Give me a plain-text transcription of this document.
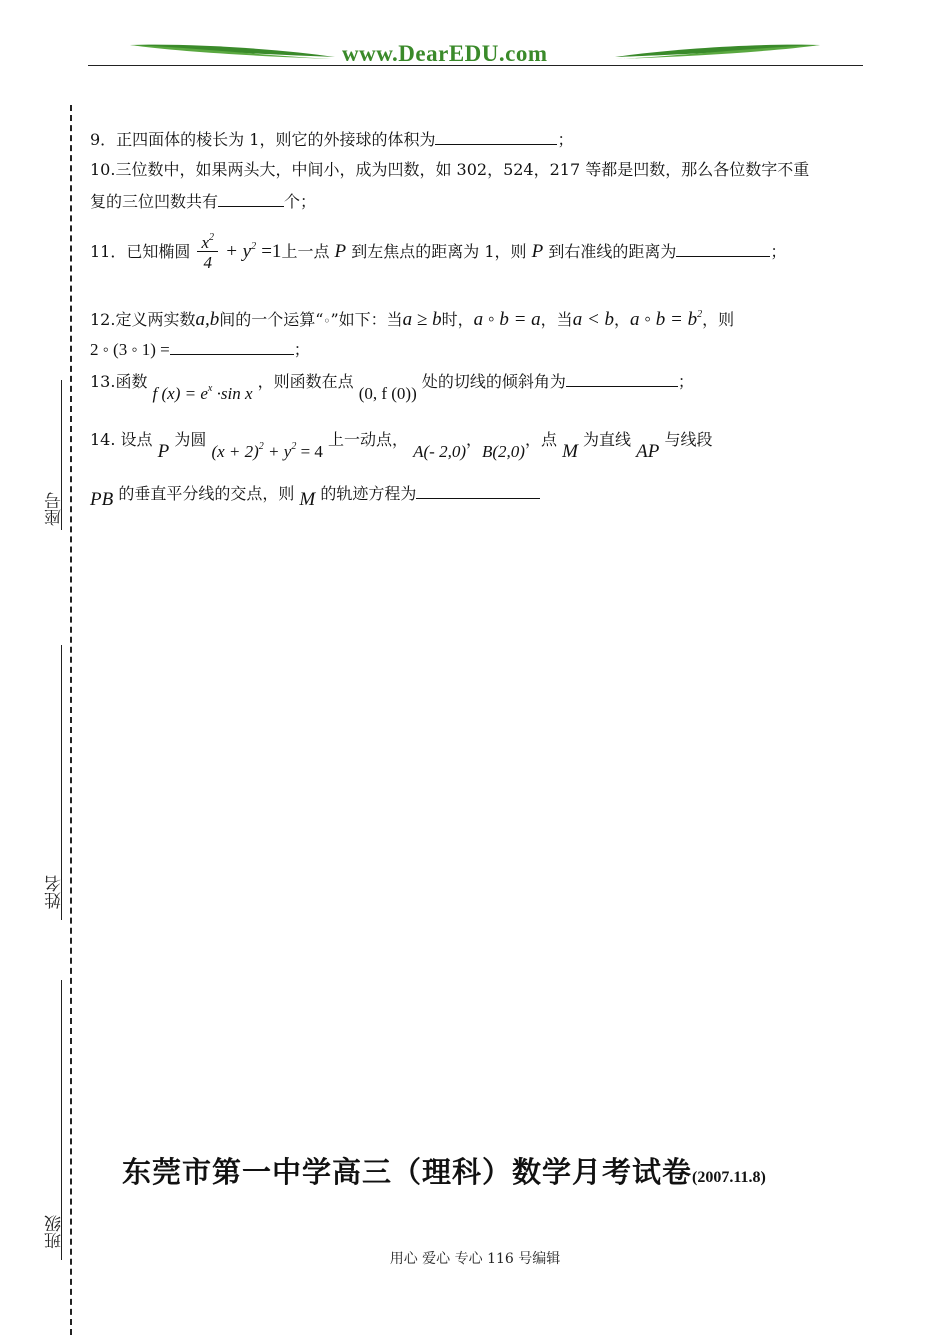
www.DearEDU.com
座号
姓名
班级
9．正四面体的棱长为 1，则它的外接球的体积为	；
10.三位数中，如果两头大，中间小，成为凹数，如 302，524，217 等都是凹数，那么各位数字不重
复的三位凹数共有	个；
11．已知椭圆 $\frac{x^2}{4} + y^2 =1$上一点 P 到左焦点的距离为 1，则 P 到右准线的距离为	；
12.定义两实数a,b间的一个运算“◦”如下：当a ≥ b时，a ◦ b = a，当a < b，a ◦ $b = b^2$，则
2 ◦ (3 ◦ 1) =	；
13.函数 f $(x) = e_x \cdot\sin$ x ，则函数在点 (0, f (0)) 处的切线的倾斜角为	；
14. 设点 P 为圆 $(x + 2)_2 + y_2 = 4$ 上一动点， A(- 2,0)，B(2,0)，点 M 为直线 AP 与线段
PB 的垂直平分线的交点，则 M 的轨迹方程为
东莞市第一中学高三（理科）数学月考试卷(2007.11.8)
用心 爱心 专心 116 号编辑
